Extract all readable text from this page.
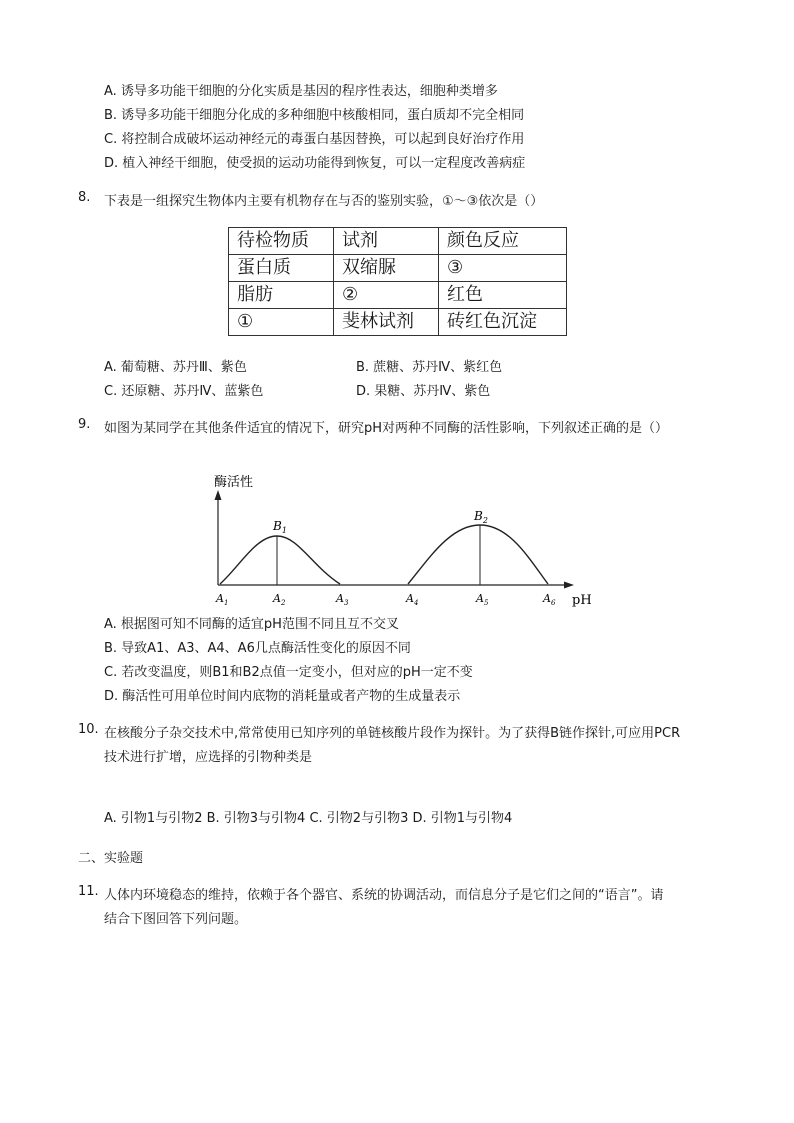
A. 诱导多功能干细胞的分化实质是基因的程序性表达，细胞种类增多
B. 诱导多功能干细胞分化成的多种细胞中核酸相同，蛋白质却不完全相同
C. 将控制合成破坏运动神经元的毒蛋白基因替换，可以起到良好治疗作用
D. 植入神经干细胞，使受损的运动功能得到恢复，可以一定程度改善病症
8. 下表是一组探究生物体内主要有机物存在与否的鉴别实验，①～③依次是（）
待检物质	试剂	颜色反应
蛋白质	双缩脲	③
脂肪	②	红色
①	斐林试剂	砖红色沉淀
A. 葡萄糖、苏丹Ⅲ、紫色	B. 蔗糖、苏丹Ⅳ、紫红色
C. 还原糖、苏丹Ⅳ、蓝紫色	D. 果糖、苏丹Ⅳ、紫色
9. 如图为某同学在其他条件适宜的情况下，研究pH对两种不同酶的活性影响，下列叙述正确的是（）
酶活性
pH
$B_1$
$B_2$
$A_1$	$A_2$	$A_3$	$A_4$	$A_5$	$A_6$
A. 根据图可知不同酶的适宜pH范围不同且互不交叉
B. 导致A1、A3、A4、A6几点酶活性变化的原因不同
C. 若改变温度，则B1和B2点值一定变小，但对应的pH一定不变
D. 酶活性可用单位时间内底物的消耗量或者产物的生成量表示
10. 在核酸分子杂交技术中,常常使用已知序列的单链核酸片段作为探针。为了获得B链作探针,可应用PCR
技术进行扩增，应选择的引物种类是
A. 引物1与引物2 B. 引物3与引物4 C. 引物2与引物3 D. 引物1与引物4
二、实验题
11. 人体内环境稳态的维持，依赖于各个器官、系统的协调活动，而信息分子是它们之间的“语言”。请
结合下图回答下列问题。
